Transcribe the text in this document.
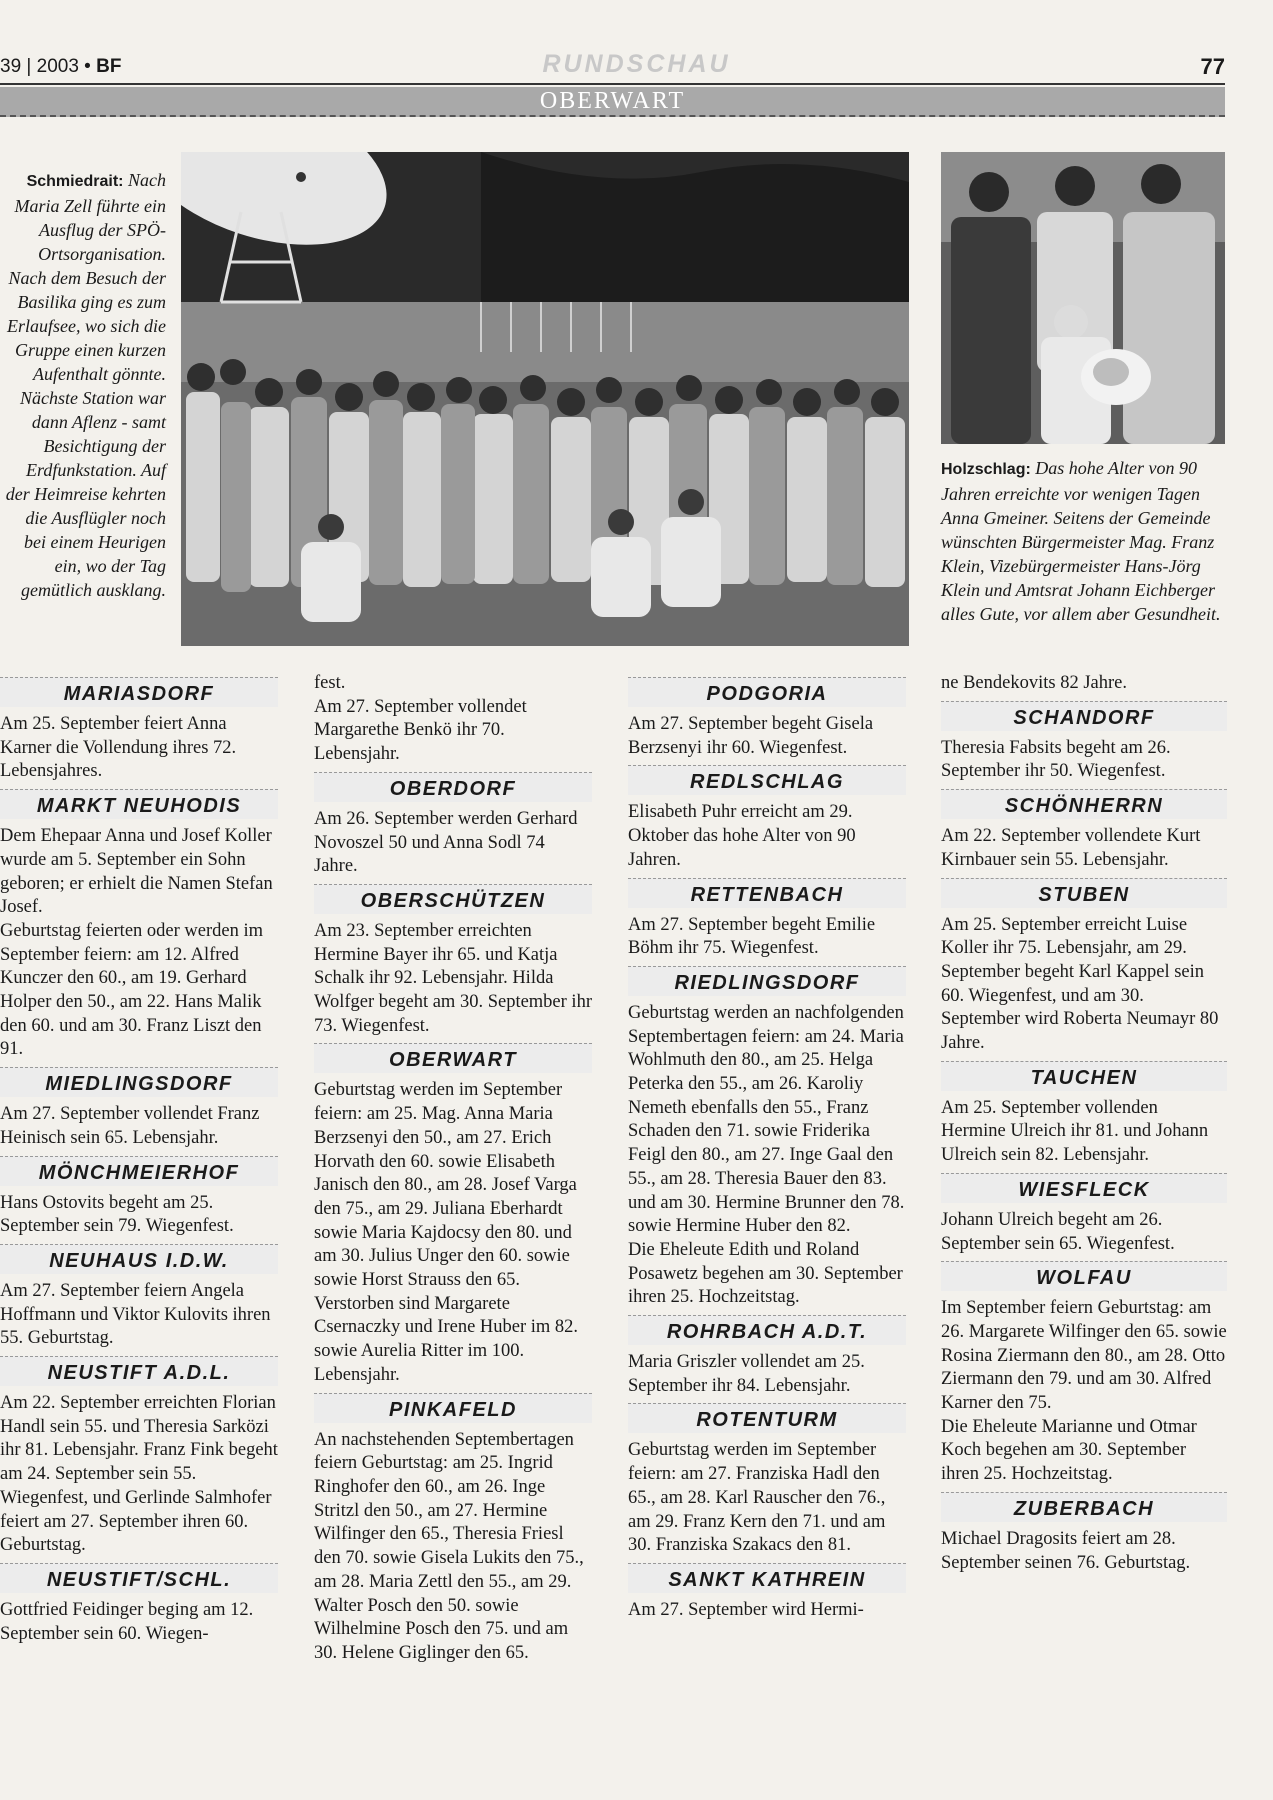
39 | 2003 • BF	RUNDSCHAU	77
OBERWART
Schmiedrait: Nach Maria Zell führte ein Ausflug der SPÖ-Ortsorganisation. Nach dem Besuch der Basilika ging es zum Erlaufsee, wo sich die Gruppe einen kurzen Aufenthalt gönnte. Nächste Station war dann Aflenz - samt Besichtigung der Erdfunkstation. Auf der Heimreise kehrten die Ausflügler noch bei einem Heurigen ein, wo der Tag gemütlich ausklang.
Holzschlag: Das hohe Alter von 90 Jahren erreichte vor wenigen Tagen Anna Gmeiner. Seitens der Gemeinde wünschten Bürgermeister Mag. Franz Klein, Vizebürgermeister Hans-Jörg Klein und Amtsrat Johann Eichberger alles Gute, vor allem aber Gesundheit.
MARIASDORF

Am 25. September feiert Anna Karner die Vollendung ihres 72. Lebensjahres.

MARKT NEUHODIS

Dem Ehepaar Anna und Josef Koller wurde am 5. September ein Sohn geboren; er erhielt die Namen Stefan Josef.
Geburtstag feierten oder werden im September feiern: am 12. Alfred Kunczer den 60., am 19. Gerhard Holper den 50., am 22. Hans Malik den 60. und am 30. Franz Liszt den 91.

MIEDLINGSDORF

Am 27. September vollendet Franz Heinisch sein 65. Lebensjahr.

MÖNCHMEIERHOF

Hans Ostovits begeht am 25. September sein 79. Wiegenfest.

NEUHAUS I.D.W.

Am 27. September feiern Angela Hoffmann und Viktor Kulovits ihren 55. Geburtstag.

NEUSTIFT A.D.L.

Am 22. September erreichten Florian Handl sein 55. und Theresia Sarközi ihr 81. Lebensjahr. Franz Fink begeht am 24. September sein 55. Wiegenfest, und Gerlinde Salmhofer feiert am 27. September ihren 60. Geburtstag.

NEUSTIFT/SCHL.

Gottfried Feidinger beging am 12. September sein 60. Wiegen-

fest.
Am 27. September vollendet Margarethe Benkö ihr 70. Lebensjahr.

OBERDORF

Am 26. September werden Gerhard Novoszel 50 und Anna Sodl 74 Jahre.

OBERSCHÜTZEN

Am 23. September erreichten Hermine Bayer ihr 65. und Katja Schalk ihr 92. Lebensjahr. Hilda Wolfger begeht am 30. September ihr 73. Wiegenfest.

OBERWART

Geburtstag werden im September feiern: am 25. Mag. Anna Maria Berzsenyi den 50., am 27. Erich Horvath den 60. sowie Elisabeth Janisch den 80., am 28. Josef Varga den 75., am 29. Juliana Eberhardt sowie Maria Kajdocsy den 80. und am 30. Julius Unger den 60. sowie sowie Horst Strauss den 65. Verstorben sind Margarete Csernaczky und Irene Huber im 82. sowie Aurelia Ritter im 100. Lebensjahr.

PINKAFELD

An nachstehenden Septembertagen feiern Geburtstag: am 25. Ingrid Ringhofer den 60., am 26. Inge Stritzl den 50., am 27. Hermine Wilfinger den 65., Theresia Friesl den 70. sowie Gisela Lukits den 75., am 28. Maria Zettl den 55., am 29. Walter Posch den 50. sowie Wilhelmine Posch den 75. und am 30. Helene Giglinger den 65.

PODGORIA

Am 27. September begeht Gisela Berzsenyi ihr 60. Wiegenfest.

REDLSCHLAG

Elisabeth Puhr erreicht am 29. Oktober das hohe Alter von 90 Jahren.

RETTENBACH

Am 27. September begeht Emilie Böhm ihr 75. Wiegenfest.

RIEDLINGSDORF

Geburtstag werden an nachfolgenden Septembertagen feiern: am 24. Maria Wohlmuth den 80., am 25. Helga Peterka den 55., am 26. Karoliy Nemeth ebenfalls den 55., Franz Schaden den 71. sowie Friderika Feigl den 80., am 27. Inge Gaal den 55., am 28. Theresia Bauer den 83. und am 30. Hermine Brunner den 78. sowie Hermine Huber den 82.
Die Eheleute Edith und Roland Posawetz begehen am 30. September ihren 25. Hochzeitstag.

ROHRBACH A.D.T.

Maria Griszler vollendet am 25. September ihr 84. Lebensjahr.

ROTENTURM

Geburtstag werden im September feiern: am 27. Franziska Hadl den 65., am 28. Karl Rauscher den 76., am 29. Franz Kern den 71. und am 30. Franziska Szakacs den 81.

SANKT KATHREIN

Am 27. September wird Hermi-

ne Bendekovits 82 Jahre.

SCHANDORF

Theresia Fabsits begeht am 26. September ihr 50. Wiegenfest.

SCHÖNHERRN

Am 22. September vollendete Kurt Kirnbauer sein 55. Lebensjahr.

STUBEN

Am 25. September erreicht Luise Koller ihr 75. Lebensjahr, am 29. September begeht Karl Kappel sein 60. Wiegenfest, und am 30. September wird Roberta Neumayr 80 Jahre.

TAUCHEN

Am 25. September vollenden Hermine Ulreich ihr 81. und Johann Ulreich sein 82. Lebensjahr.

WIESFLECK

Johann Ulreich begeht am 26. September sein 65. Wiegenfest.

WOLFAU

Im September feiern Geburtstag: am 26. Margarete Wilfinger den 65. sowie Rosina Ziermann den 80., am 28. Otto Ziermann den 79. und am 30. Alfred Karner den 75.
Die Eheleute Marianne und Otmar Koch begehen am 30. September ihren 25. Hochzeitstag.

ZUBERBACH

Michael Dragosits feiert am 28. September seinen 76. Geburtstag.
